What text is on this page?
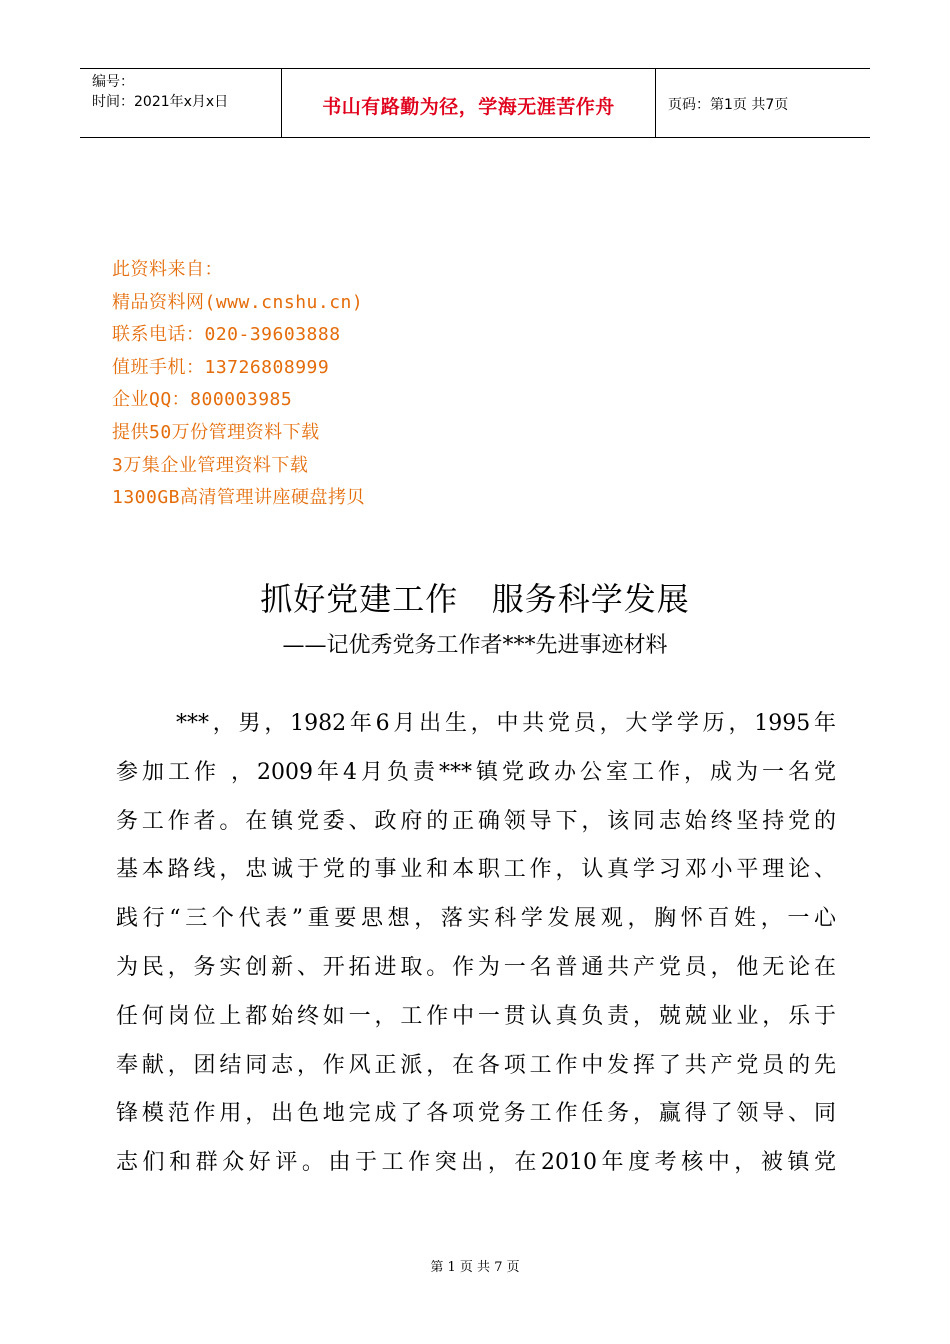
编号：
时间：2021年x月x日	书山有路勤为径，学海无涯苦作舟	页码：第1页 共7页
此资料来自：
精品资料网(www.cnshu.cn)
联系电话：020-39603888
值班手机：13726808999
企业QQ：800003985
提供50万份管理资料下载
3万集企业管理资料下载
1300GB高清管理讲座硬盘拷贝
抓好党建工作   服务科学发展
——记优秀党务工作者***先进事迹材料
***，男，1982年6月出生，中共党员，大学学历，1995年
参加工作 ，2009年4月负责***镇党政办公室工作，成为一名党
务工作者。在镇党委、政府的正确领导下，该同志始终坚持党的
基本路线，忠诚于党的事业和本职工作，认真学习邓小平理论、
践行“三个代表”重要思想，落实科学发展观，胸怀百姓，一心
为民，务实创新、开拓进取。作为一名普通共产党员，他无论在
任何岗位上都始终如一，工作中一贯认真负责，兢兢业业，乐于
奉献，团结同志，作风正派，在各项工作中发挥了共产党员的先
锋模范作用，出色地完成了各项党务工作任务，赢得了领导、同
志们和群众好评。由于工作突出，在2010年度考核中，被镇党
第 1 页 共 7 页
